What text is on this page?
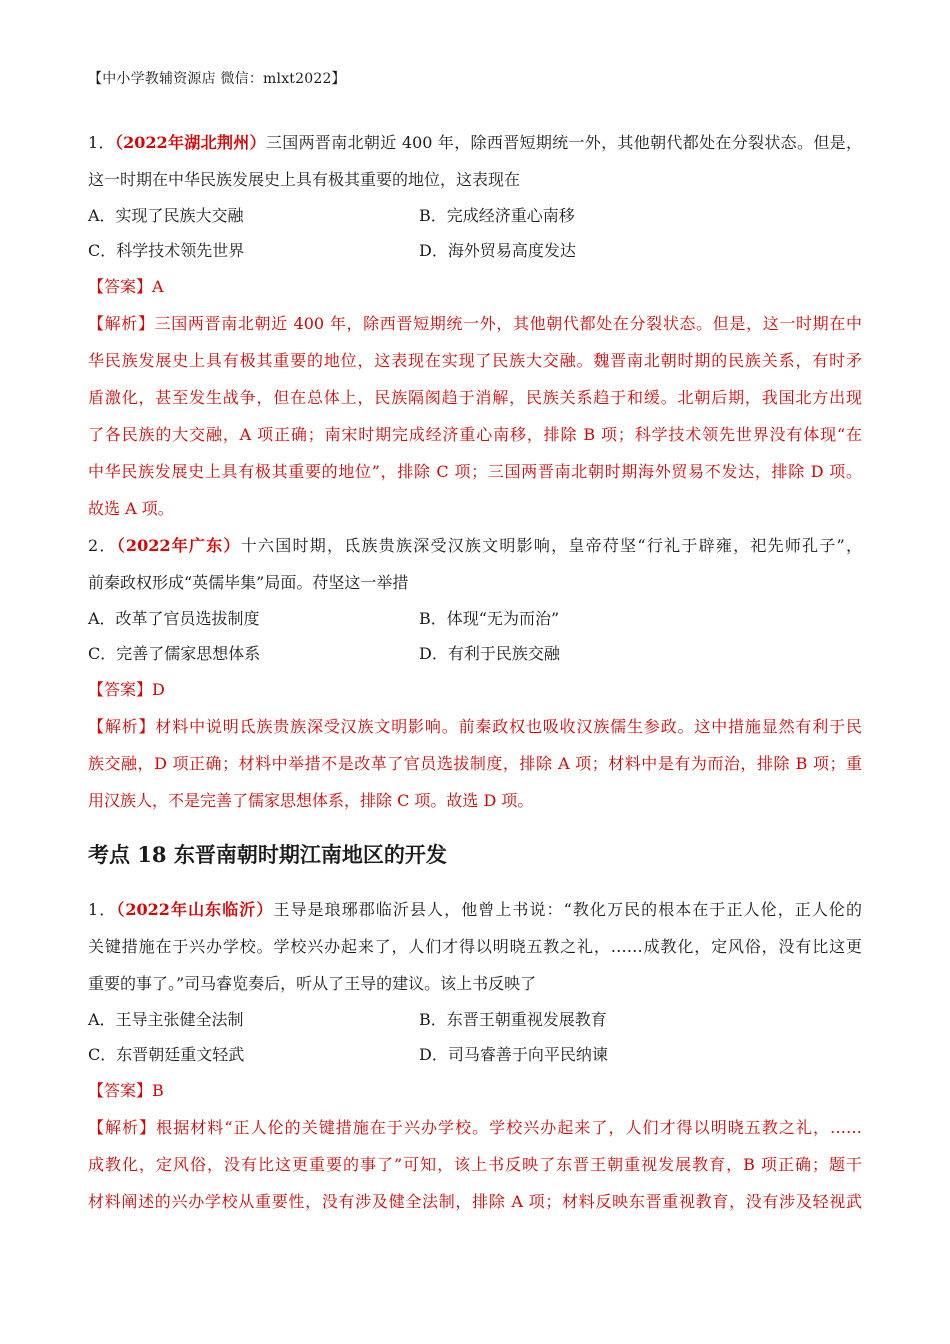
【中小学教辅资源店 微信：mlxt2022】
1．（2022年湖北荆州）三国两晋南北朝近 400 年，除西晋短期统一外，其他朝代都处在分裂状态。但是，
这一时期在中华民族发展史上具有极其重要的地位，这表现在
A．实现了民族大交融	B．完成经济重心南移
C．科学技术领先世界	D．海外贸易高度发达
【答案】A
【解析】三国两晋南北朝近 400 年，除西晋短期统一外，其他朝代都处在分裂状态。但是，这一时期在中
华民族发展史上具有极其重要的地位，这表现在实现了民族大交融。魏晋南北朝时期的民族关系，有时矛
盾激化，甚至发生战争，但在总体上，民族隔阂趋于消解，民族关系趋于和缓。北朝后期，我国北方出现
了各民族的大交融，A 项正确；南宋时期完成经济重心南移，排除 B 项；科学技术领先世界没有体现“在
中华民族发展史上具有极其重要的地位”，排除 C 项；三国两晋南北朝时期海外贸易不发达，排除 D 项。
故选 A 项。
2．（2022年广东）十六国时期，氐族贵族深受汉族文明影响，皇帝苻坚“行礼于辟雍，祀先师孔子”，
前秦政权形成“英儒毕集”局面。苻坚这一举措
A．改革了官员选拔制度	B．体现“无为而治”
C．完善了儒家思想体系	D．有利于民族交融
【答案】D
【解析】材料中说明氐族贵族深受汉族文明影响。前秦政权也吸收汉族儒生参政。这中措施显然有利于民
族交融，D 项正确；材料中举措不是改革了官员选拔制度，排除 A 项；材料中是有为而治，排除 B 项；重
用汉族人，不是完善了儒家思想体系，排除 C 项。故选 D 项。
考点 18 东晋南朝时期江南地区的开发
1．（2022年山东临沂）王导是琅琊郡临沂县人，他曾上书说：“教化万民的根本在于正人伦，正人伦的
关键措施在于兴办学校。学校兴办起来了，人们才得以明晓五教之礼，……成教化，定风俗，没有比这更
重要的事了。”司马睿览奏后，听从了王导的建议。该上书反映了
A．王导主张健全法制	B．东晋王朝重视发展教育
C．东晋朝廷重文轻武	D．司马睿善于向平民纳谏
【答案】B
【解析】根据材料“正人伦的关键措施在于兴办学校。学校兴办起来了，人们才得以明晓五教之礼，……
成教化，定风俗，没有比这更重要的事了”可知，该上书反映了东晋王朝重视发展教育，B 项正确；题干
材料阐述的兴办学校从重要性，没有涉及健全法制，排除 A 项；材料反映东晋重视教育，没有涉及轻视武
